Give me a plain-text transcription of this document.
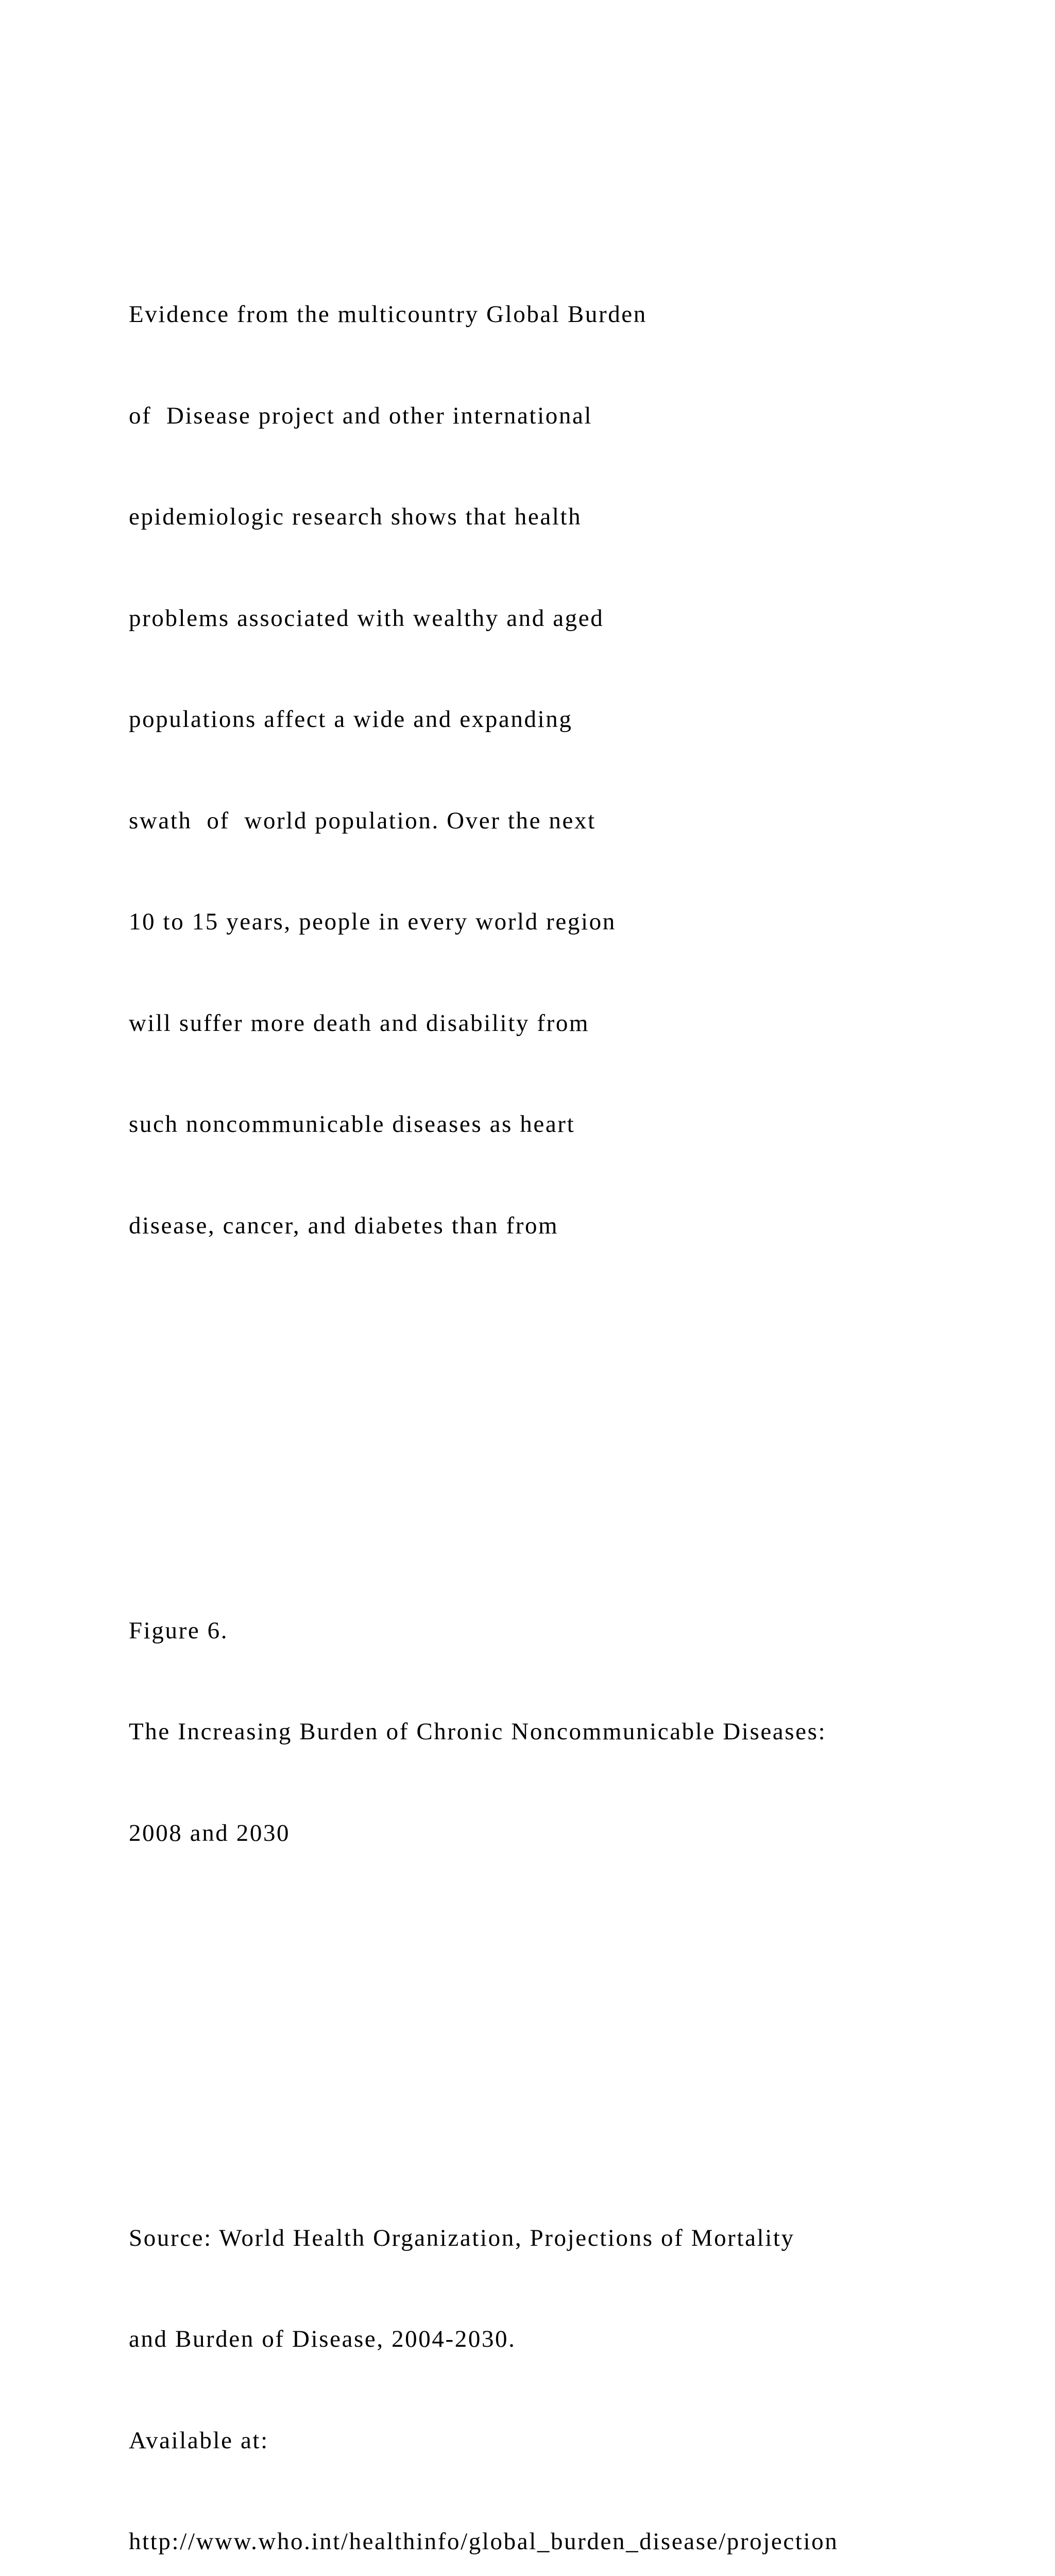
Evidence from the multicountry Global Burden

of  Disease project and other international

epidemiologic research shows that health

problems associated with wealthy and aged

populations affect a wide and expanding

swath  of  world population. Over the next

10 to 15 years, people in every world region

will suffer more death and disability from

such noncommunicable diseases as heart

disease, cancer, and diabetes than from

Figure 6.

The Increasing Burden of Chronic Noncommunicable Diseases:

2008 and 2030

Source: World Health Organization, Projections of Mortality

and Burden of Disease, 2004-2030.

Available at:

http://www.who.int/healthinfo/global_burden_disease/projection
